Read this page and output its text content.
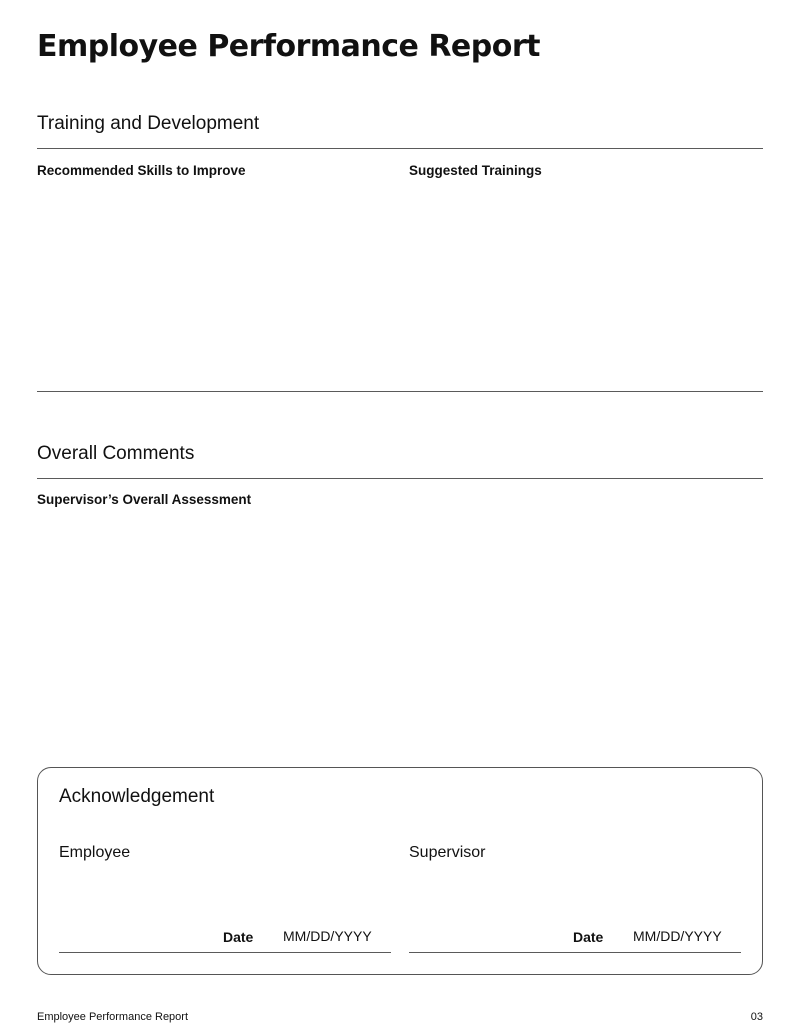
Employee Performance Report
Training and Development
Recommended Skills to Improve	Suggested Trainings
Overall Comments
Supervisor’s Overall Assessment
Acknowledgement
Employee
Date
MM/DD/YYYY
Supervisor
Date
MM/DD/YYYY
Employee Performance Report	03
